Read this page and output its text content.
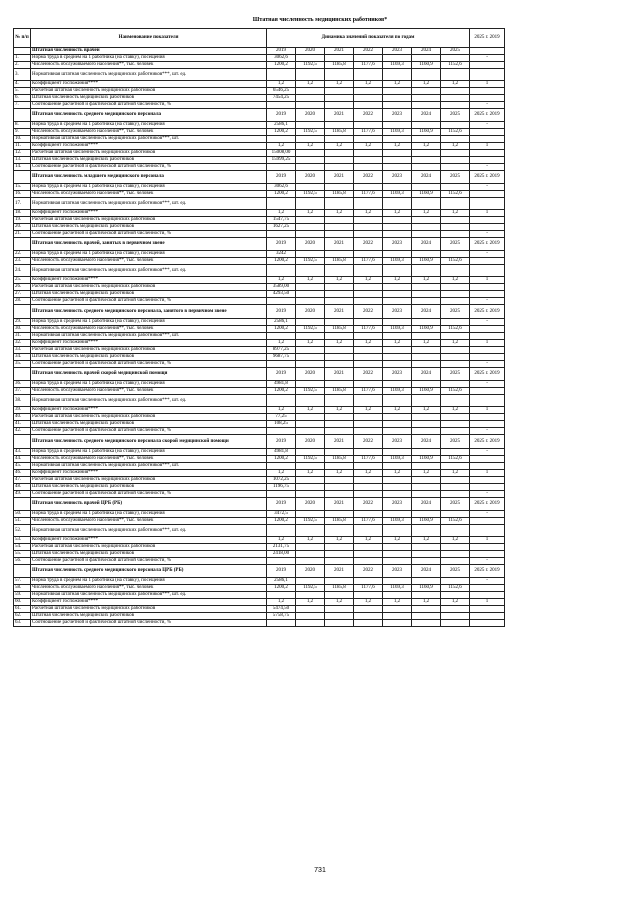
Штатная численность медицинских работников*
№ п/п	Наименование показателя	Динамика значений показателя по годам							2025 г. 2019
	Штатная численность врачей	2019	2020	2021	2022	2023	2024	2025	
1.	Норма труда в среднем на 1 работника (на ставку), посещения	3062,6							-
2.	Численность обслуживаемого населения**, тыс. человек	1200,2	1192,5	1185,8	1177,6	1169,3	1160,9	1152,6	
3.	Нормативная штатная численность медицинских работников***, шт. ед.								
4.	Коэффициент госпожиния****	1,2	1,2	1,2	1,2	1,2	1,2	1,2	1
5.	Расчетная штатная численность медицинских работников	6546,25							
6.	Штатная численность медицинских работников	7454,25							
7.	Соотношение расчетной и фактической штатной численности, %								-
	Штатная численность среднего медицинского персонала	2019	2020	2021	2022	2023	2024	2025	2025 г. 2019
8.	Норма труда в среднем на 1 работника (на ставку), посещения	2586,1							-
9.	Численность обслуживаемого населения**, тыс. человек	1200,2	1192,5	1185,8	1177,6	1169,3	1160,9	1152,6	
10.	Нормативная штатная численность медицинских работников***, шт.								
11.	Коэффициент госпожиния****	1,2	1,2	1,2	1,2	1,2	1,2	1,2	1
12.	Расчетная штатная численность медицинских работников	15008,00							
13.	Штатная численность медицинских работников	15999,25							
14.	Соотношение расчетной и фактической штатной численности, %								-
	Штатная численность младшего медицинского персонала	2019	2020	2021	2022	2023	2024	2025	2025 г. 2019
15.	Норма труда в среднем на 1 работника (на ставку), посещения	3062,6							-
16.	Численность обслуживаемого населения**, тыс. человек	1200,2	1192,5	1185,8	1177,6	1169,3	1160,9	1152,6	
17.	Нормативная штатная численность медицинских работников***, шт. ед.								
18.	Коэффициент госпожиния****	1,2	1,2	1,2	1,2	1,2	1,2	1,2	1
19.	Расчетная штатная численность медицинских работников	1547,75							
20.	Штатная численность медицинских работников	1627,25							
21.	Соотношение расчетной и фактической штатной численности, %								-
	Штатная численность врачей, занятых в первичном звене	2019	2020	2021	2022	2023	2024	2025	2025 г. 2019
22.	Норма труда в среднем на 1 работника (на ставку), посещения	3242							-
23.	Численность обслуживаемого населения**, тыс. человек	1200,2	1192,5	1185,8	1177,6	1169,3	1160,9	1152,6	
24.	Нормативная штатная численность медицинских работников***, шт. ед.								
25.	Коэффициент госпожиния****	1,2	1,2	1,2	1,2	1,2	1,2	1,2	1
26.	Расчетная штатная численность медицинских работников	3589,00							
27.	Штатная численность медицинских работников	4293,50							
28.	Соотношение расчетной и фактической штатной численности, %								-
	Штатная численность среднего медицинского персонала, занятого в первичном звене	2019	2020	2021	2022	2023	2024	2025	2025 г. 2019
29.	Норма труда в среднем на 1 работника (на ставку), посещения	2586,1							-
30.	Численность обслуживаемого населения**, тыс. человек	1200,2	1192,5	1185,8	1177,6	1169,3	1160,9	1152,6	
31.	Нормативная штатная численность медицинских работников***, шт.								
32.	Коэффициент госпожиния****	1,2	1,2	1,2	1,2	1,2	1,2	1,2	1
33.	Расчетная штатная численность медицинских работников	8977,25							
34.	Штатная численность медицинских работников	9687,75							
35.	Соотношение расчетной и фактической штатной численности, %								-
	Штатная численность врачей скорой медицинской помощи	2019	2020	2021	2022	2023	2024	2025	2025 г. 2019
36.	Норма труда в среднем на 1 работника (на ставку), посещения	4981,8							-
37.	Численность обслуживаемого населения**, тыс. человек	1200,2	1192,5	1185,8	1177,6	1169,3	1160,9	1152,6	
38.	Нормативная штатная численность медицинских работников***, шт. ед.								
39.	Коэффициент госпожиния****	1,2	1,2	1,2	1,2	1,2	1,2	1,2	1
40.	Расчетная штатная численность медицинских работников	77,25							
41.	Штатная численность медицинских работников	108,25							
42.	Соотношение расчетной и фактической штатной численности, %								-
	Штатная численность среднего медицинского персонала скорой медицинской помощи	2019	2020	2021	2022	2023	2024	2025	2025 г. 2019
43.	Норма труда в среднем на 1 работника (на ставку), посещения	4981,8							-
44.	Численность обслуживаемого населения**, тыс. человек	1200,2	1192,5	1185,8	1177,6	1169,3	1160,9	1152,6	
45.	Нормативная штатная численность медицинских работников***, шт.								
46.	Коэффициент госпожиния****	1,2	1,2	1,2	1,2	1,2	1,2	1,2	1
47.	Расчетная штатная численность медицинских работников	1072,25							
48.	Штатная численность медицинских работников	1196,75							
49.	Соотношение расчетной и фактической штатной численности, %								-
	Штатная численность врачей ЦРБ (РБ)	2019	2020	2021	2022	2023	2024	2025	2025 г. 2019
50.	Норма труда в среднем на 1 работника (на ставку), посещения	3472,5							-
51.	Численность обслуживаемого населения**, тыс. человек	1200,2	1192,5	1185,8	1177,6	1169,3	1160,9	1152,6	
52.	Нормативная штатная численность медицинских работников***, шт. ед.								
53.	Коэффициент госпожиния****	1,2	1,2	1,2	1,2	1,2	1,2	1,2	1
54.	Расчетная штатная численность медицинских работников	2131,75							
55.	Штатная численность медицинских работников	2418,00							
56.	Соотношение расчетной и фактической штатной численности, %								-
	Штатная численность среднего медицинского персонала ЦРБ (РБ)	2019	2020	2021	2022	2023	2024	2025	2025 г. 2019
57.	Норма труда в среднем на 1 работника (на ставку), посещения	2586,1							-
58.	Численность обслуживаемого населения**, тыс. человек	1200,2	1192,5	1185,8	1177,6	1169,3	1160,9	1152,6	
59.	Нормативная штатная численность медицинских работников***, шт. ед.								
60.	Коэффициент госпожиния****	1,2	1,2	1,2	1,2	1,2	1,2	1,2	1
61.	Расчетная штатная численность медицинских работников	5474,50							
62.	Штатная численность медицинских работников	5758,75							
63.	Соотношение расчетной и фактической штатной численности, %								
731
